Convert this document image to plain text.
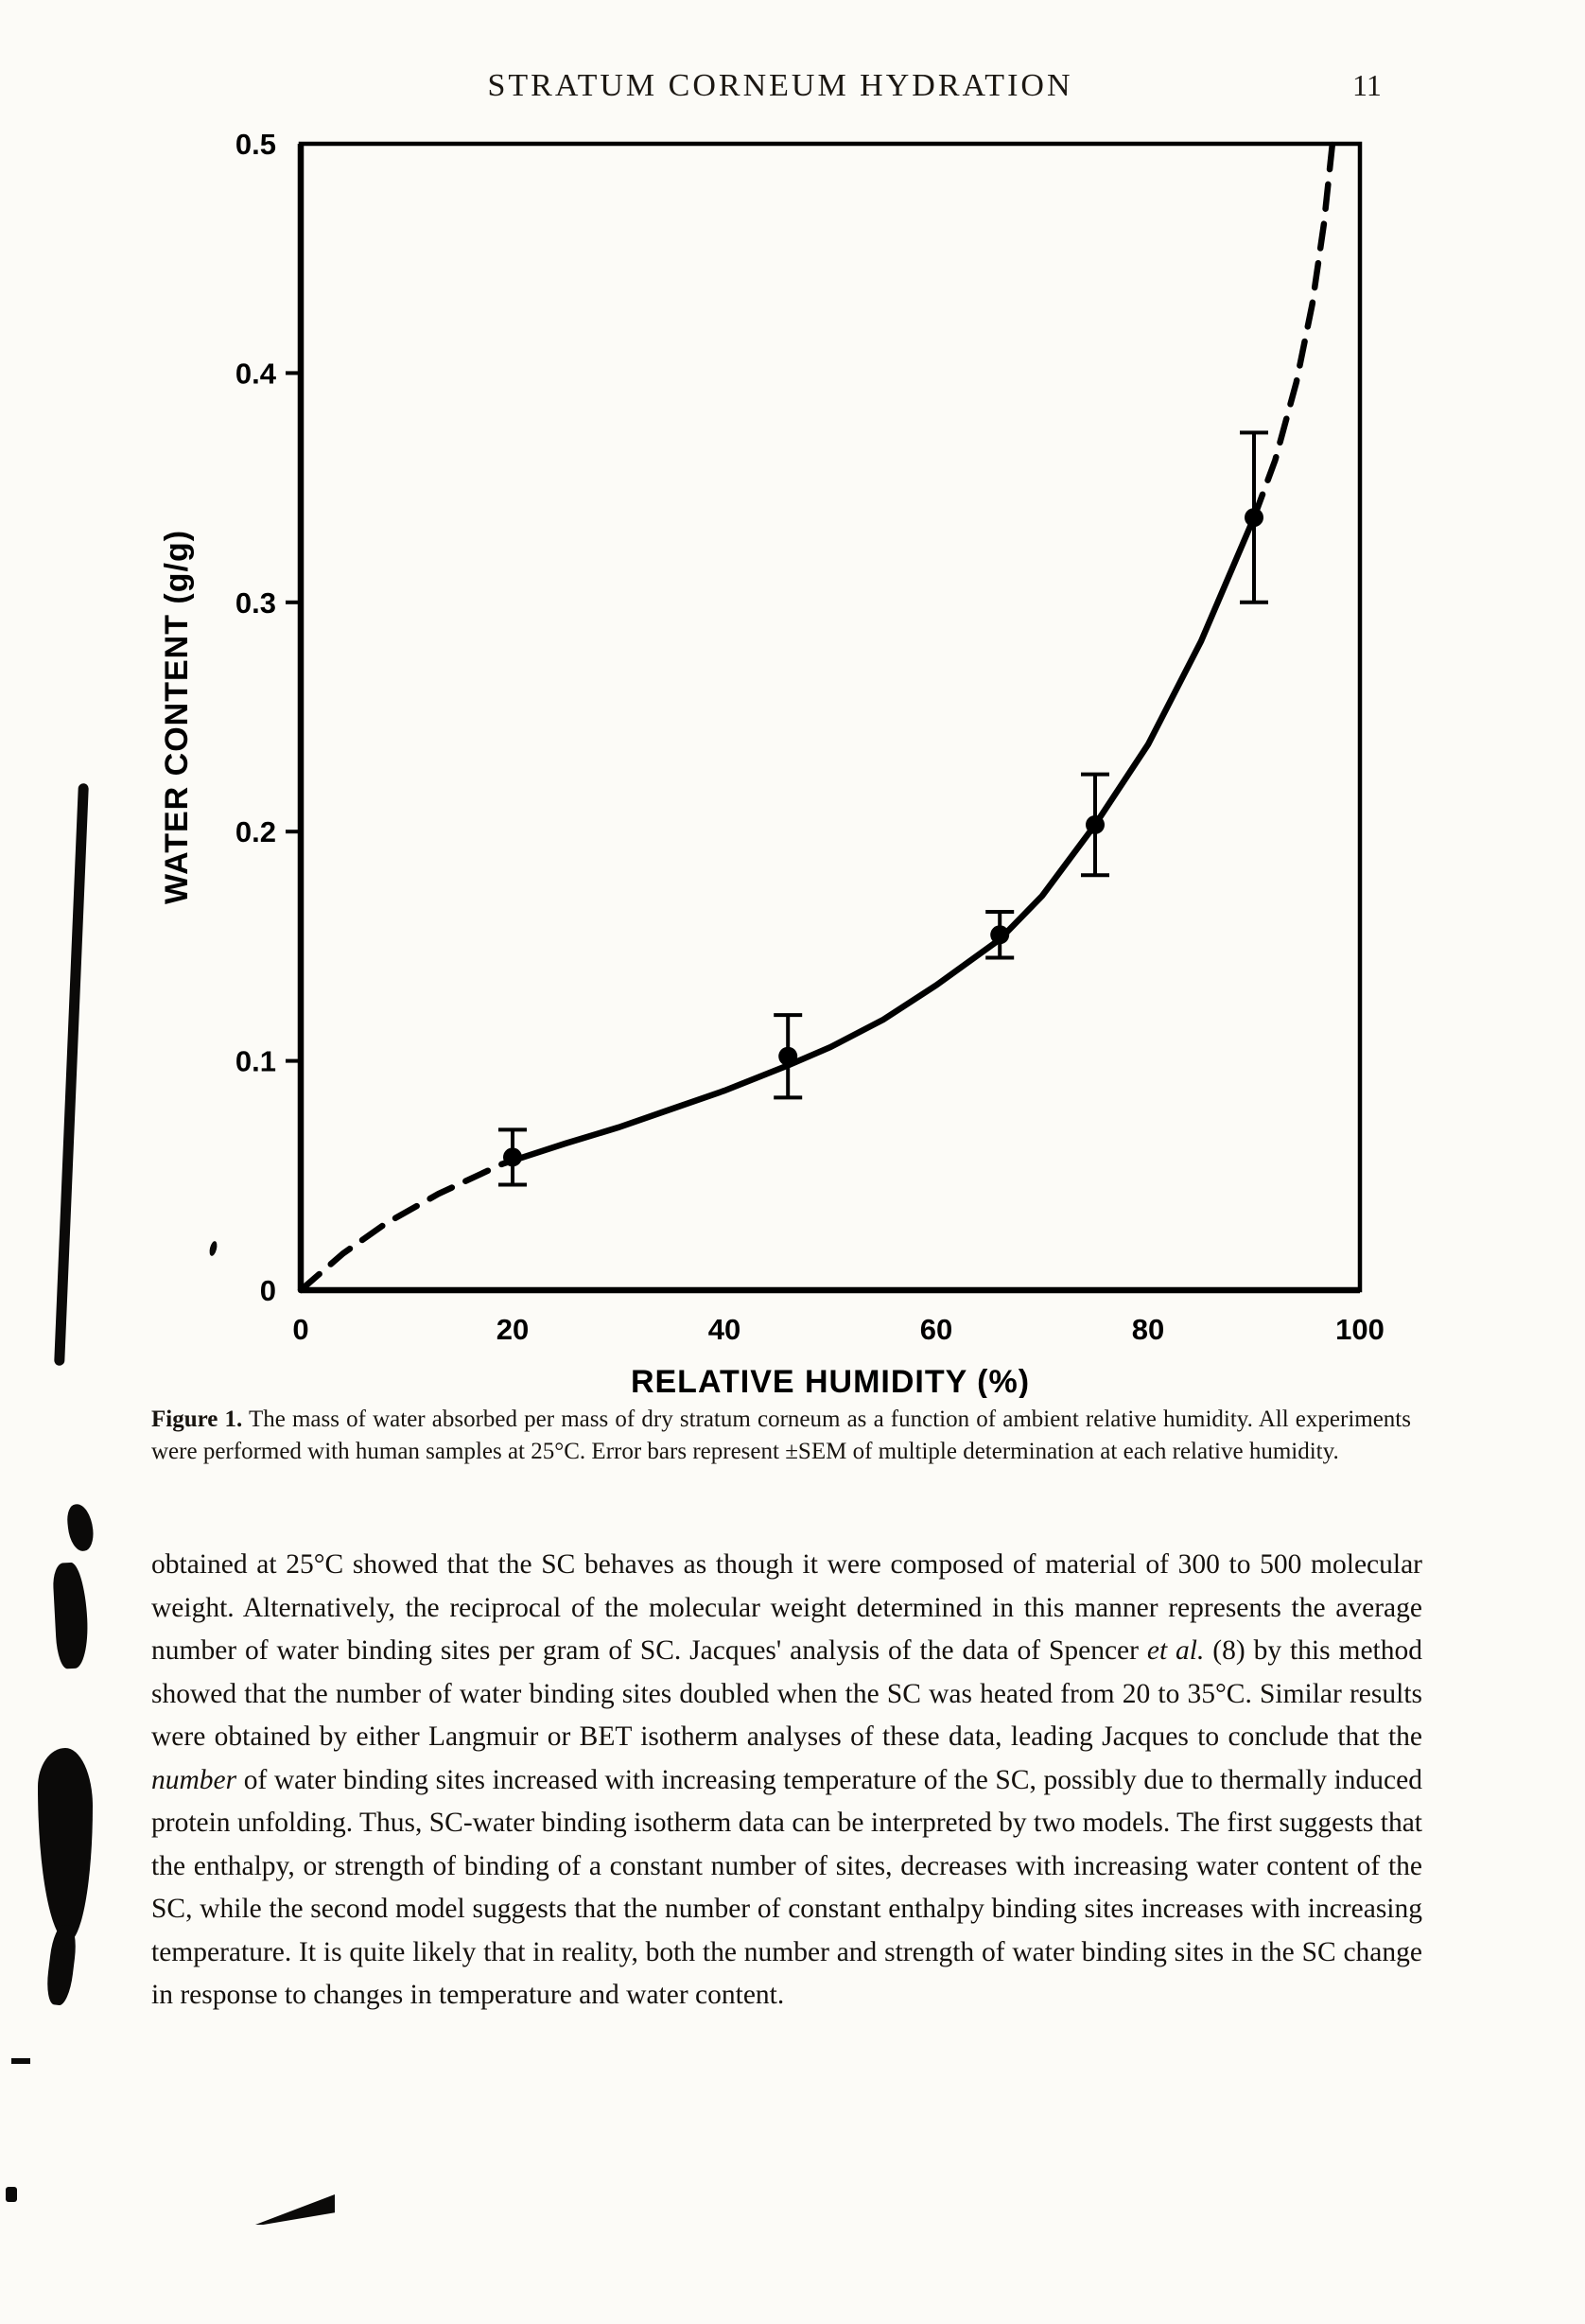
STRATUM CORNEUM HYDRATION	11
0
0.1
0.2
0.3
0.4
0.5
0	20	40	60	80	100
RELATIVE HUMIDITY (%)
WATER CONTENT (g/g)
Figure 1. The mass of water absorbed per mass of dry stratum corneum as a function of ambient relative humidity. All experiments were performed with human samples at 25°C. Error bars represent ±SEM of multiple determination at each relative humidity.
obtained at 25°C showed that the SC behaves as though it were composed of material of 300 to 500 molecular weight. Alternatively, the reciprocal of the molecular weight determined in this manner represents the average number of water binding sites per gram of SC. Jacques' analysis of the data of Spencer et al. (8) by this method showed that the number of water binding sites doubled when the SC was heated from 20 to 35°C. Similar results were obtained by either Langmuir or BET isotherm analyses of these data, leading Jacques to conclude that the number of water binding sites increased with increasing temperature of the SC, possibly due to thermally induced protein unfolding. Thus, SC-water binding isotherm data can be interpreted by two models. The first suggests that the enthalpy, or strength of binding of a constant number of sites, decreases with increasing water content of the SC, while the second model suggests that the number of constant enthalpy binding sites increases with increasing temperature. It is quite likely that in reality, both the number and strength of water binding sites in the SC change in response to changes in temperature and water content.
